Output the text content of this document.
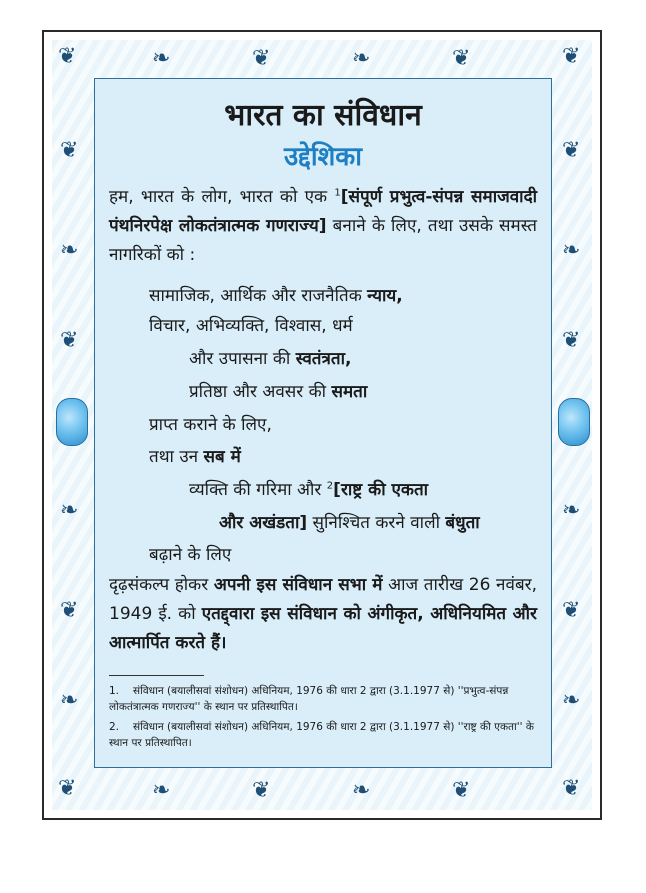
❦	❦
❦	❦
❧	❦	❧	❦
❧	❦	❧	❦
❦
❧
❦
❧
❦
❧
❦
❧
❦
❧
❦
❧
भारत का संविधान
उद्देशिका
हम, भारत के लोग, भारत को एक $^1$[संपूर्ण प्रभुत्व-संपन्न समाजवादी पंथनिरपेक्ष लोकतंत्रात्मक गणराज्य] बनाने के लिए, तथा उसके समस्त नागरिकों को :
सामाजिक, आर्थिक और राजनैतिक न्याय,
विचार, अभिव्यक्ति, विश्वास, धर्म
और उपासना की स्वतंत्रता,
प्रतिष्ठा और अवसर की समता
प्राप्त कराने के लिए,
तथा उन सब में
व्यक्ति की गरिमा और $^2$[राष्ट्र की एकता
और अखंडता] सुनिश्चित करने वाली बंधुता
बढ़ाने के लिए
दृढ़संकल्प होकर अपनी इस संविधान सभा में आज तारीख 26 नवंबर, 1949 ई. को एतद्द्वारा इस संविधान को अंगीकृत, अधिनियमित और आत्मार्पित करते हैं।
1. संविधान (बयालीसवां संशोधन) अधिनियम, 1976 की धारा 2 द्वारा (3.1.1977 से) ''प्रभुत्व-संपन्न लोकतंत्रात्मक गणराज्य'' के स्थान पर प्रतिस्थापित।
2. संविधान (बयालीसवां संशोधन) अधिनियम, 1976 की धारा 2 द्वारा (3.1.1977 से) ''राष्ट्र की एकता'' के स्थान पर प्रतिस्थापित।
